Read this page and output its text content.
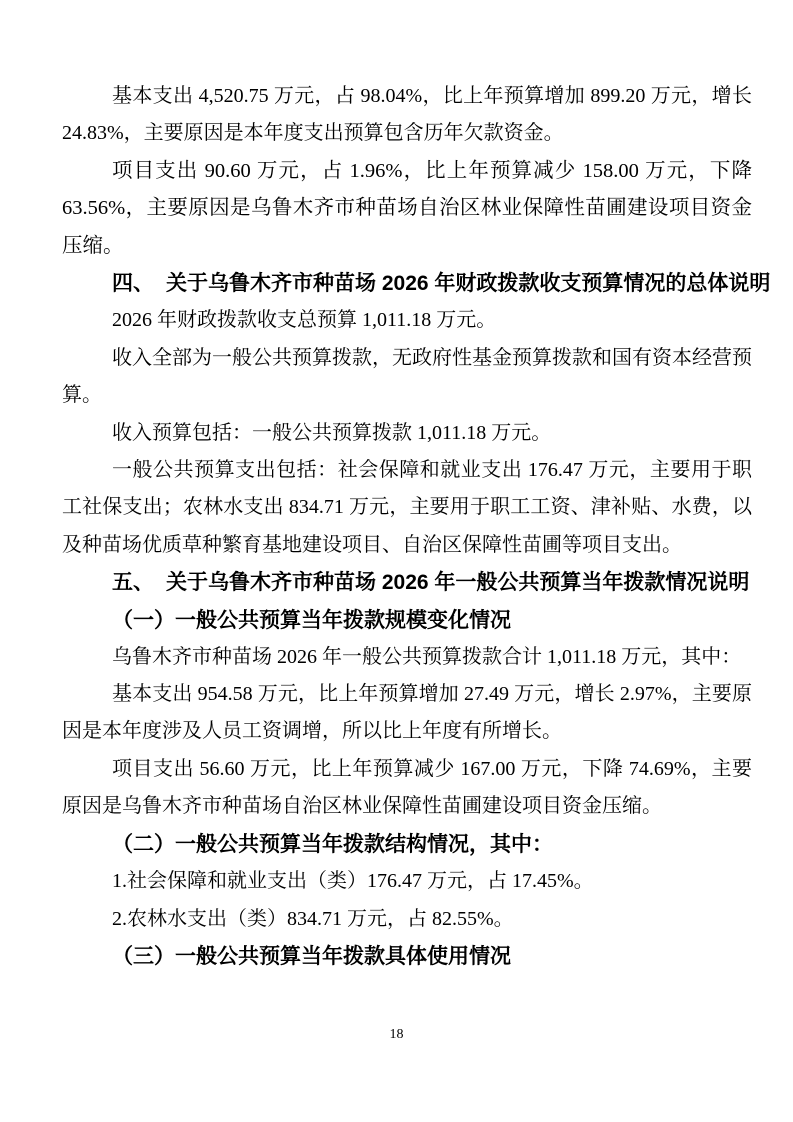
基本支出 4,520.75 万元，占 98.04%，比上年预算增加 899.20 万元，增长 24.83%，主要原因是本年度支出预算包含历年欠款资金。

项目支出 90.60 万元，占 1.96%，比上年预算减少 158.00 万元，下降 63.56%，主要原因是乌鲁木齐市种苗场自治区林业保障性苗圃建设项目资金压缩。

四、 关于乌鲁木齐市种苗场 2026 年财政拨款收支预算情况的总体说明

2026 年财政拨款收支总预算 1,011.18 万元。

收入全部为一般公共预算拨款，无政府性基金预算拨款和国有资本经营预算。

收入预算包括：一般公共预算拨款 1,011.18 万元。

一般公共预算支出包括：社会保障和就业支出 176.47 万元，主要用于职工社保支出；农林水支出 834.71 万元，主要用于职工工资、津补贴、水费，以及种苗场优质草种繁育基地建设项目、自治区保障性苗圃等项目支出。

五、 关于乌鲁木齐市种苗场 2026 年一般公共预算当年拨款情况说明

（一）一般公共预算当年拨款规模变化情况

乌鲁木齐市种苗场 2026 年一般公共预算拨款合计 1,011.18 万元，其中：

基本支出 954.58 万元，比上年预算增加 27.49 万元，增长 2.97%，主要原因是本年度涉及人员工资调增，所以比上年度有所增长。

项目支出 56.60 万元，比上年预算减少 167.00 万元，下降 74.69%，主要原因是乌鲁木齐市种苗场自治区林业保障性苗圃建设项目资金压缩。

（二）一般公共预算当年拨款结构情况，其中：

1.社会保障和就业支出（类）176.47 万元，占 17.45%。

2.农林水支出（类）834.71 万元，占 82.55%。

（三）一般公共预算当年拨款具体使用情况

18
